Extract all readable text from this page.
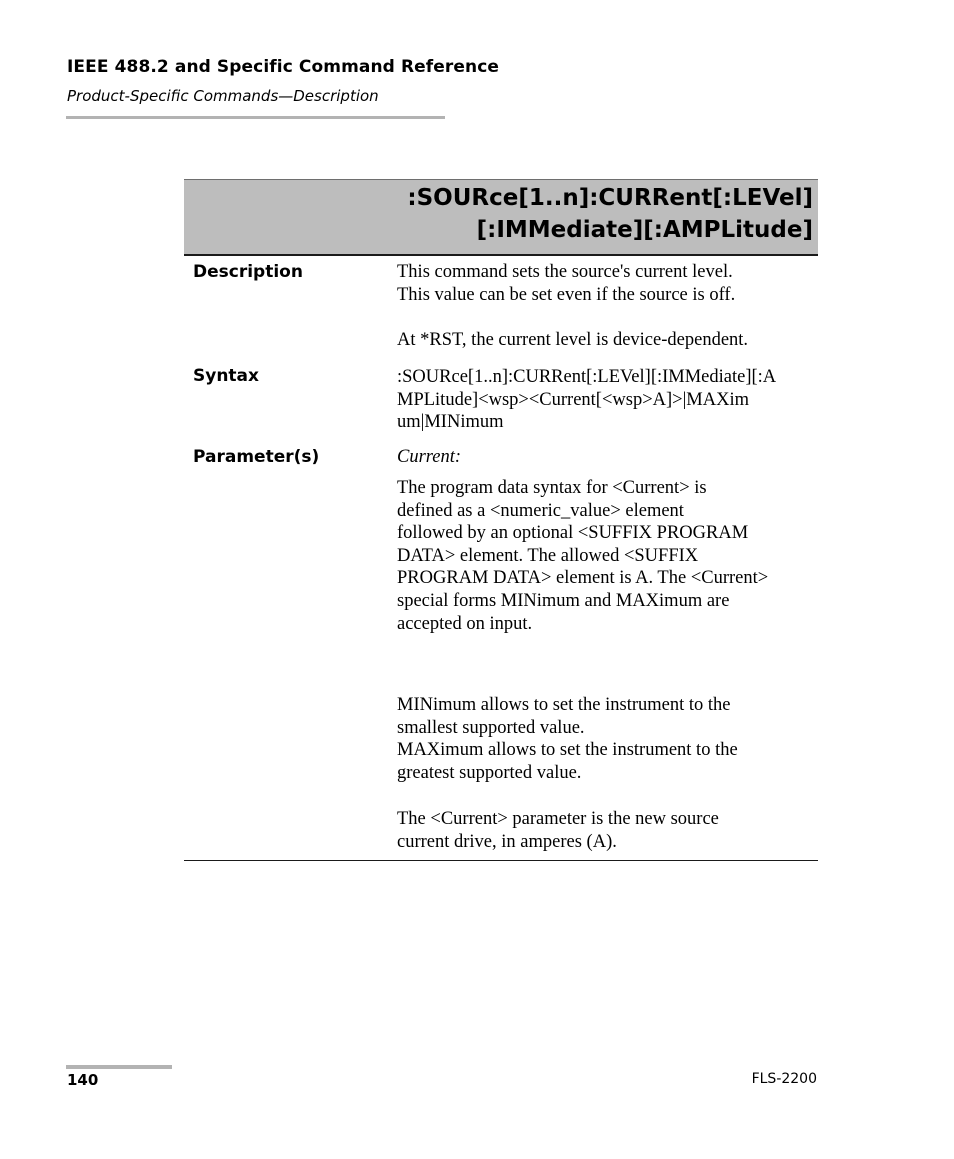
IEEE 488.2 and Specific Command Reference
Product-Specific Commands—Description
:SOURce[1..n]:CURRent[:LEVel]
[:IMMediate][:AMPLitude]
Description	This command sets the source's current level.

This value can be set even if the source is off.

At *RST, the current level is device-dependent.

Syntax	:SOURce[1..n]:CURRent[:LEVel][:IMMediate][:A

MPLitude]<wsp><Current[<wsp>A]>|MAXim

um|MINimum

Parameter(s)	Current:

The program data syntax for <Current> is

defined as a <numeric_value> element

followed by an optional <SUFFIX PROGRAM

DATA> element. The allowed <SUFFIX

PROGRAM DATA> element is A. The <Current>

special forms MINimum and MAXimum are

accepted on input.

MINimum allows to set the instrument to the

smallest supported value.

MAXimum allows to set the instrument to the

greatest supported value.

The <Current> parameter is the new source

current drive, in amperes (A).

140	FLS-2200
